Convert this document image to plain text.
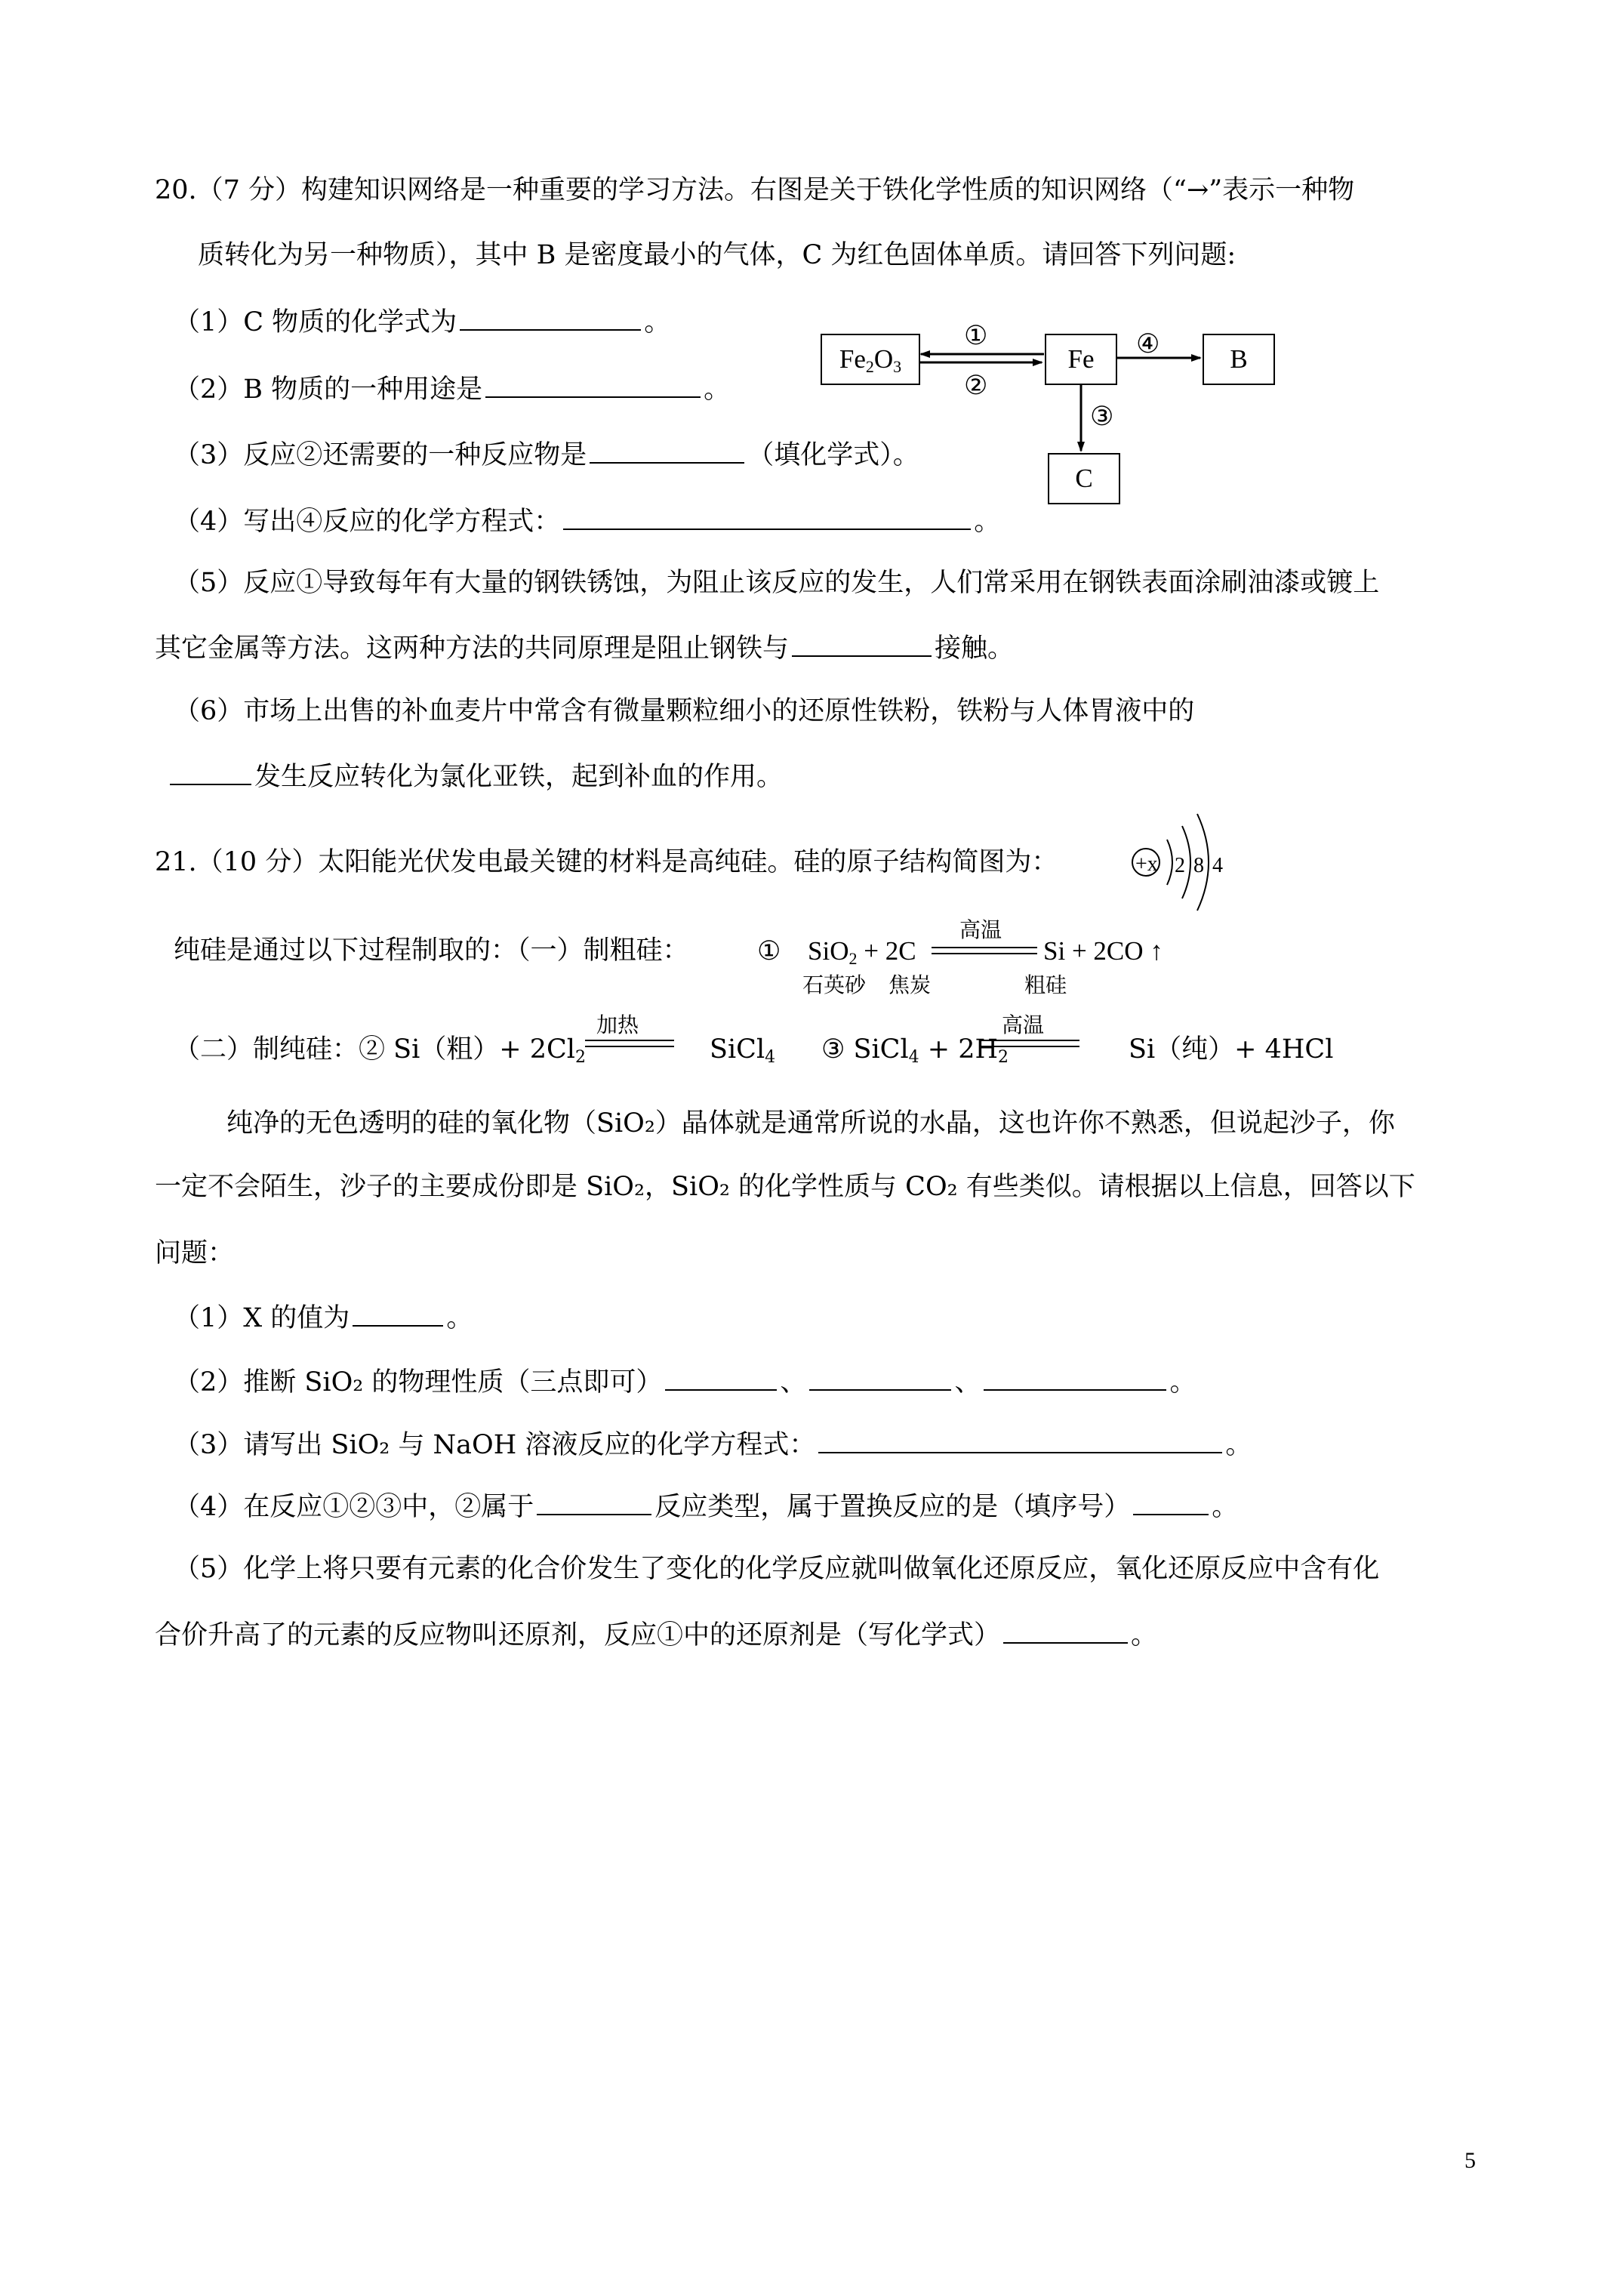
20.（7 分）构建知识网络是一种重要的学习方法。右图是关于铁化学性质的知识网络（“→”表示一种物
质转化为另一种物质），其中 B 是密度最小的气体，C 为红色固体单质。请回答下列问题:
（1）C 物质的化学式为	。
（2）B 物质的一种用途是	。
（3）反应②还需要的一种反应物是	（填化学式）。
（4）写出④反应的化学方程式：	。
（5）反应①导致每年有大量的钢铁锈蚀，为阻止该反应的发生，人们常采用在钢铁表面涂刷油漆或镀上
其它金属等方法。这两种方法的共同原理是阻止钢铁与	接触。
（6）市场上出售的补血麦片中常含有微量颗粒细小的还原性铁粉，铁粉与人体胃液中的
发生反应转化为氯化亚铁，起到补血的作用。
$Fe_2O_3$	Fe	B
C
①
②
④
③
21.（10 分）太阳能光伏发电最关键的材料是高纯硅。硅的原子结构简图为：	+x 2 8 4
纯硅是通过以下过程制取的：（一）制粗硅：	① SiO$_2$ + 2C
高温
Si + 2CO ↑
石英砂 焦炭	粗硅
（二）制纯硅：② Si（粗）+ $2Cl_2$
加热
SiCl$_4$ ③ SiCl$_4$ + $2H_2$
高温
Si（纯）+ 4HCl
纯净的无色透明的硅的氧化物（SiO₂）晶体就是通常所说的水晶，这也许你不熟悉，但说起沙子，你
一定不会陌生，沙子的主要成份即是 SiO₂，SiO₂ 的化学性质与 CO₂ 有些类似。请根据以上信息，回答以下
问题：
（1）X 的值为	。
（2）推断 SiO₂ 的物理性质（三点即可）	、	、	。
（3）请写出 SiO₂ 与 NaOH 溶液反应的化学方程式：	。
（4）在反应①②③中，②属于	反应类型，属于置换反应的是（填序号）	。
（5）化学上将只要有元素的化合价发生了变化的化学反应就叫做氧化还原反应，氧化还原反应中含有化
合价升高了的元素的反应物叫还原剂，反应①中的还原剂是（写化学式）	。
5
